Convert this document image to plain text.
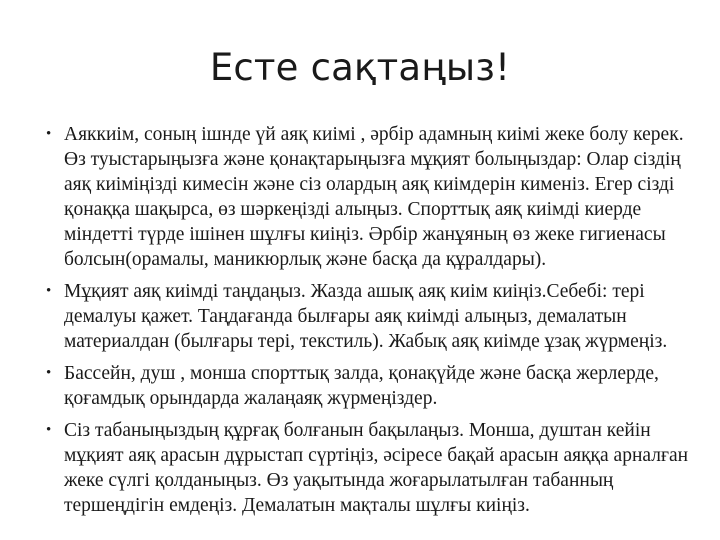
Есте сақтаңыз!
• Аяккиім, соның ішнде үй аяқ киімі , әрбір адамның киімі жеке болу керек. Өз туыстарыңызға және қонақтарыңызға мұқият болыңыздар: Олар сіздің аяқ киіміңізді кимесін және сіз олардың аяқ киімдерін кименіз. Егер сізді қонаққа шақырса, өз шәркеңізді алыңыз. Спорттық аяқ киімді киерде міндетті түрде ішінен шұлғы киіңіз. Әрбір жанұяның өз жеке гигиенасы болсын(орамалы, маникюрлық және басқа да құралдары).
• Мұқият аяқ киімді таңдаңыз. Жазда ашық аяқ киім киіңіз.Себебі: тері демалуы қажет. Таңдағанда былғары аяқ киімді алыңыз, демалатын материалдан (былғары тері, текстиль). Жабық аяқ киімде ұзақ жүрмеңіз.
• Бассейн, душ , монша спорттық залда, қонақүйде және басқа жерлерде, қоғамдық орындарда жалаңаяқ жүрмеңіздер.
• Сіз табаныңыздың құрғақ болғанын бақылаңыз. Монша, душтан кейін мұқият аяқ арасын дұрыстап сүртіңіз, әсіресе бақай арасын аяққа арналған жеке сүлгі қолданыңыз. Өз уақытында жоғарылатылған табанның тершеңдігін емдеңіз. Демалатын мақталы шұлғы киіңіз.
